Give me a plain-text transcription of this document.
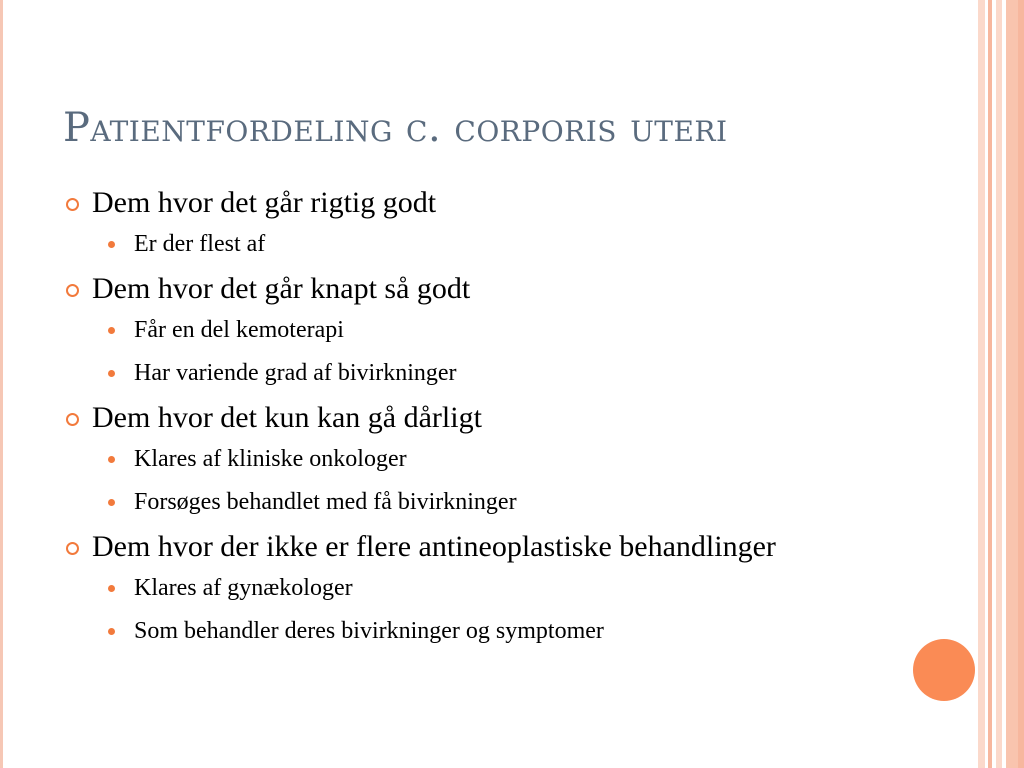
Patientfordeling c. corporis uteri
Dem hvor det går rigtig godt
Er der flest af
Dem hvor det går knapt så godt
Får en del kemoterapi
Har variende grad af bivirkninger
Dem hvor det kun kan gå dårligt
Klares af kliniske onkologer
Forsøges behandlet med få bivirkninger
Dem hvor der ikke er flere antineoplastiske behandlinger
Klares af gynækologer
Som behandler deres bivirkninger og symptomer
